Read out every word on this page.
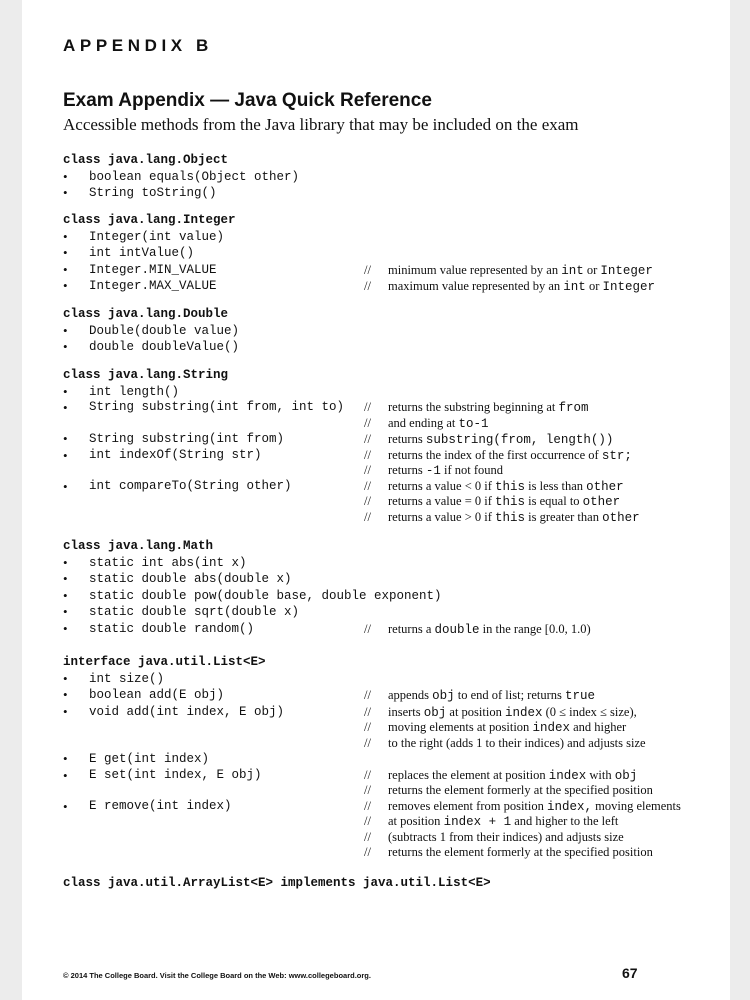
APPENDIX B
Exam Appendix — Java Quick Reference
Accessible methods from the Java library that may be included on the exam
class java.lang.Object
• boolean equals(Object other)
• String toString()
class java.lang.Integer
• Integer(int value)
• int intValue()
• Integer.MIN_VALUE	// minimum value represented by an int or Integer
• Integer.MAX_VALUE	// maximum value represented by an int or Integer
class java.lang.Double
• Double(double value)
• double doubleValue()
class java.lang.String
• int length()
• String substring(int from, int to) // returns the substring beginning at from
// and ending at to-1
• String substring(int from)	// returns substring(from, length())
• int indexOf(String str)	// returns the index of the first occurrence of str;
// returns -1 if not found
• int compareTo(String other)	// returns a value < 0 if this is less than other
// returns a value = 0 if this is equal to other
// returns a value > 0 if this is greater than other
class java.lang.Math
• static int abs(int x)
• static double abs(double x)
• static double pow(double base, double exponent)
• static double sqrt(double x)
• static double random()	// returns a double in the range [0.0, 1.0)
interface java.util.List<E>
• int size()
• boolean add(E obj)	// appends obj to end of list; returns true
• void add(int index, E obj)	// inserts obj at position index (0 ≤ index ≤ size),
// moving elements at position index and higher
// to the right (adds 1 to their indices) and adjusts size
• E get(int index)
• E set(int index, E obj)	// replaces the element at position index with obj
// returns the element formerly at the specified position
• E remove(int index)	// removes element from position index, moving elements
// at position index + 1 and higher to the left
// (subtracts 1 from their indices) and adjusts size
// returns the element formerly at the specified position
class java.util.ArrayList<E> implements java.util.List<E>
© 2014 The College Board. Visit the College Board on the Web: www.collegeboard.org.	67
